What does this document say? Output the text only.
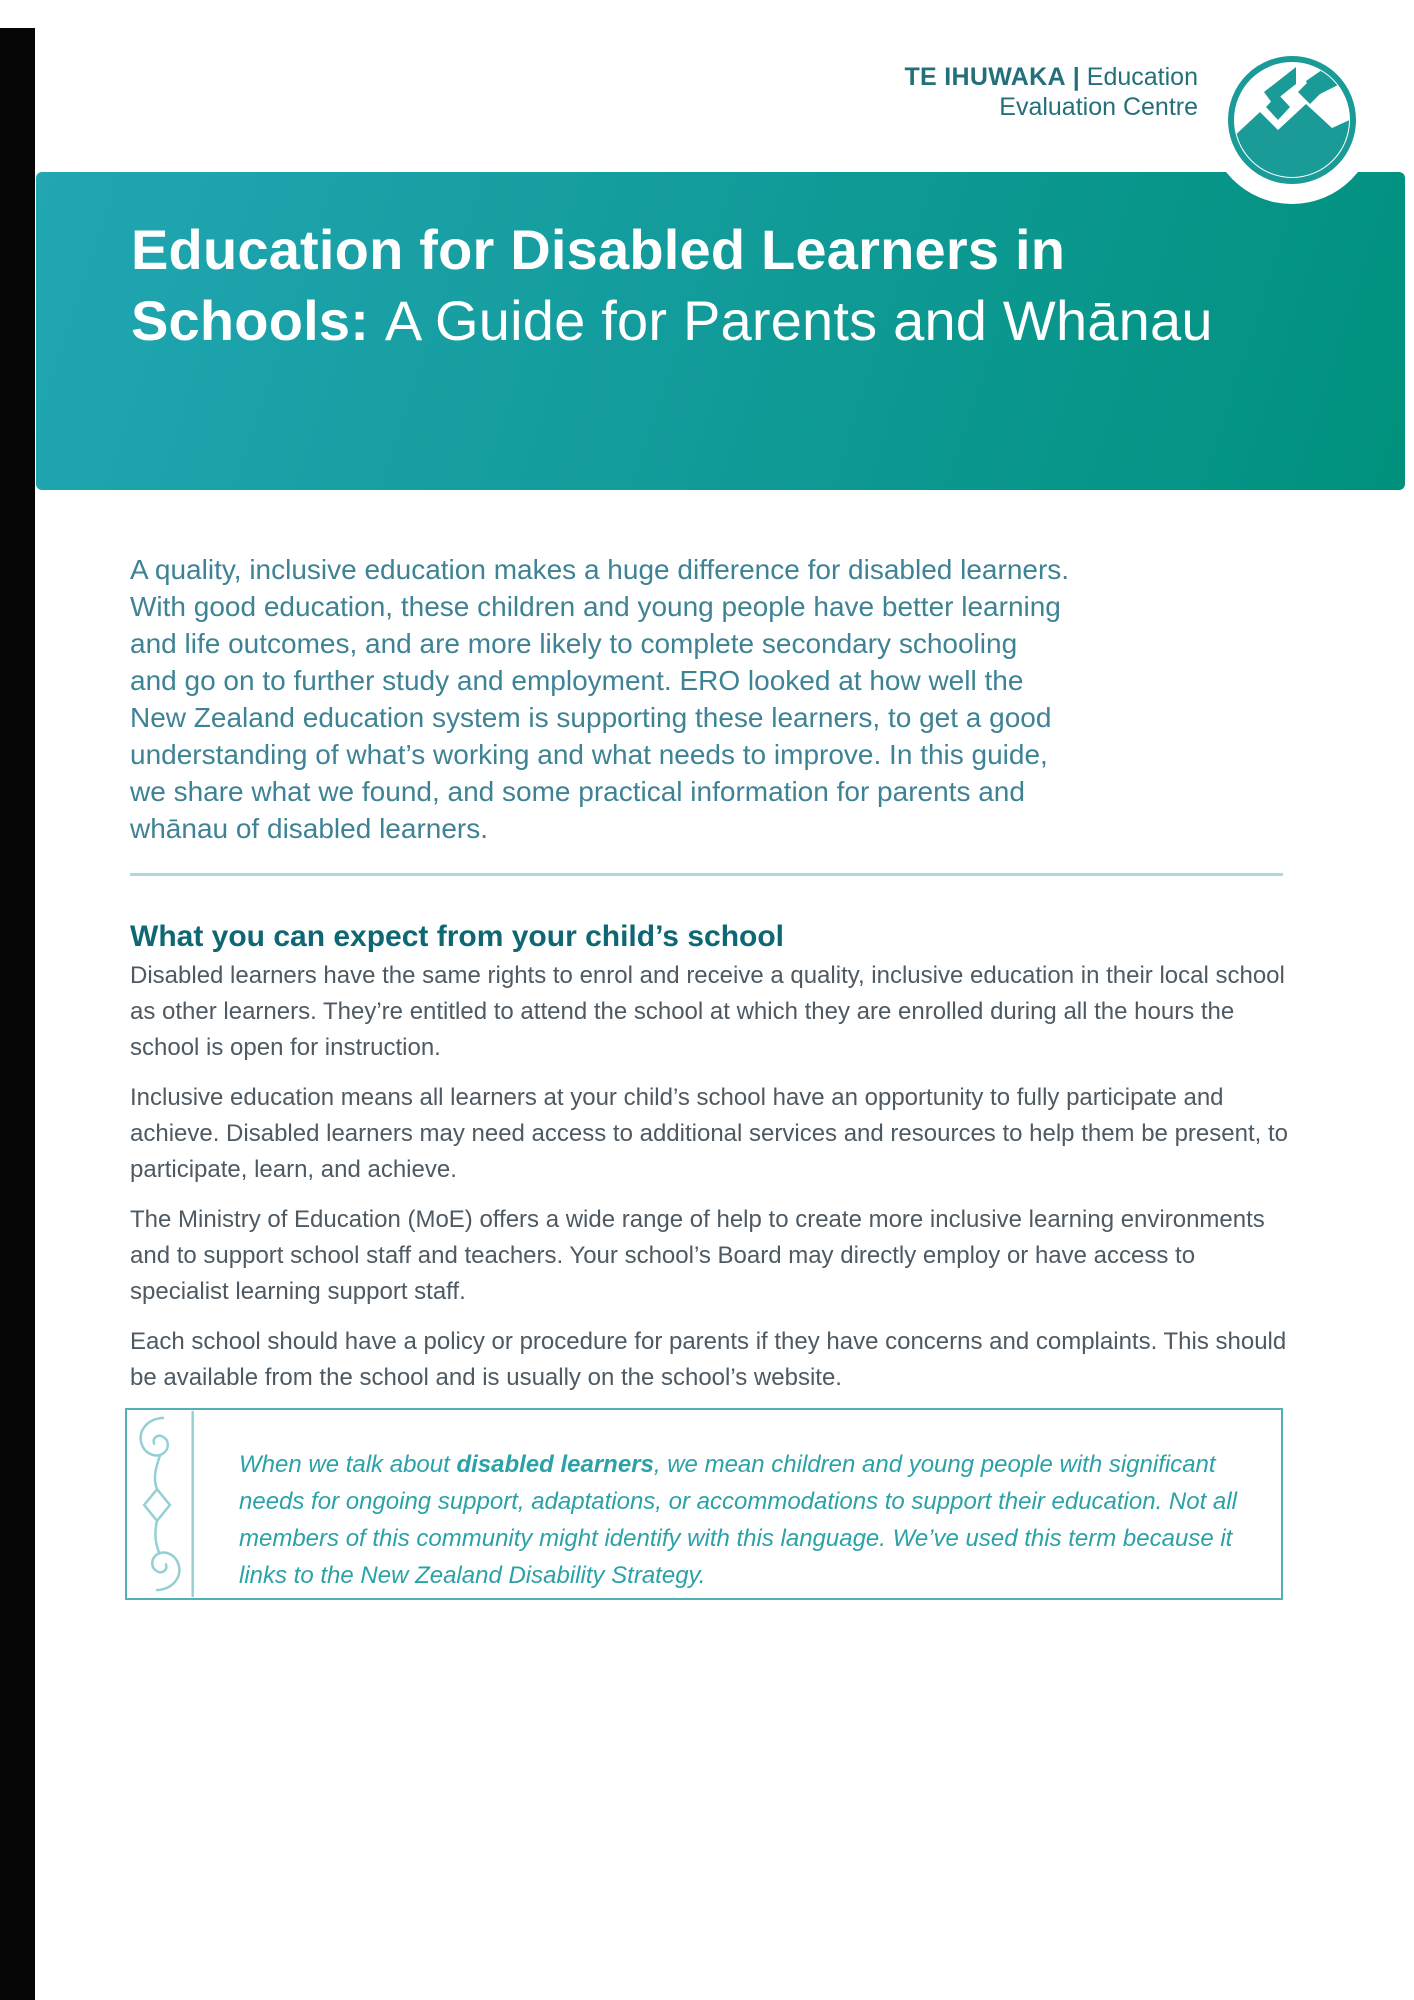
TE IHUWAKA | Education
Evaluation Centre
Education for Disabled Learners in Schools: A Guide for Parents and Whānau
A quality, inclusive education makes a huge difference for disabled learners.
With good education, these children and young people have better learning
and life outcomes, and are more likely to complete secondary schooling
and go on to further study and employment. ERO looked at how well the
New Zealand education system is supporting these learners, to get a good
understanding of what’s working and what needs to improve. In this guide,
we share what we found, and some practical information for parents and
whānau of disabled learners.
What you can expect from your child’s school

Disabled learners have the same rights to enrol and receive a quality, inclusive education in their local school as other learners. They’re entitled to attend the school at which they are enrolled during all the hours the school is open for instruction.

Inclusive education means all learners at your child’s school have an opportunity to fully participate and achieve. Disabled learners may need access to additional services and resources to help them be present, to participate, learn, and achieve.

The Ministry of Education (MoE) offers a wide range of help to create more inclusive learning environments and to support school staff and teachers. Your school’s Board may directly employ or have access to specialist learning support staff.

Each school should have a policy or procedure for parents if they have concerns and complaints. This should be available from the school and is usually on the school’s website.

When we talk about disabled learners, we mean children and young people with significant needs for ongoing support, adaptations, or accommodations to support their education. Not all members of this community might identify with this language. We’ve used this term because it links to the New Zealand Disability Strategy.
